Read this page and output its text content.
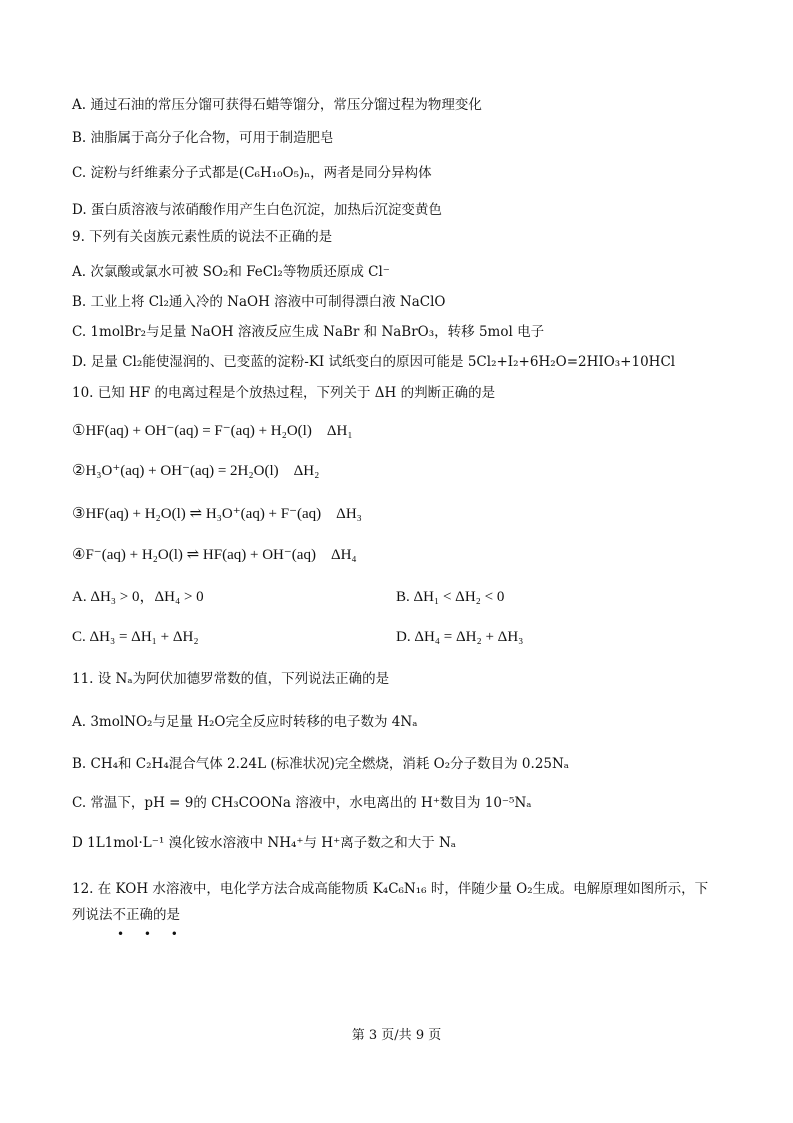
A. 通过石油的常压分馏可获得石蜡等馏分，常压分馏过程为物理变化
B. 油脂属于高分子化合物，可用于制造肥皂
C. 淀粉与纤维素分子式都是(C₆H₁₀O₅)ₙ，两者是同分异构体
D. 蛋白质溶液与浓硝酸作用产生白色沉淀，加热后沉淀变黄色
9. 下列有关卤族元素性质的说法不正确的是
A. 次氯酸或氯水可被 SO₂和 FeCl₂等物质还原成 Cl⁻
B. 工业上将 Cl₂通入冷的 NaOH 溶液中可制得漂白液 NaClO
C. 1molBr₂与足量 NaOH 溶液反应生成 NaBr 和 NaBrO₃，转移 5mol 电子
D. 足量 Cl₂能使湿润的、已变蓝的淀粉-KI 试纸变白的原因可能是 5Cl₂+I₂+6H₂O=2HIO₃+10HCl
10. 已知 HF 的电离过程是个放热过程，下列关于 ΔH 的判断正确的是
①HF(aq) + OH⁻(aq) = F⁻(aq) + H₂O(l)　ΔH₁
②H₃O⁺(aq) + OH⁻(aq) = 2H₂O(l)　ΔH₂
③HF(aq) + H₂O(l) ⇌ H₃O⁺(aq) + F⁻(aq)　ΔH₃
④F⁻(aq) + H₂O(l) ⇌ HF(aq) + OH⁻(aq)　ΔH₄
A. ΔH₃ > 0，ΔH₄ > 0	B. ΔH₁ < ΔH₂ < 0
C. ΔH₃ = ΔH₁ + ΔH₂	D. ΔH₄ = ΔH₂ + ΔH₃
11. 设 Nₐ为阿伏加德罗常数的值，下列说法正确的是
A. 3molNO₂与足量 H₂O完全反应时转移的电子数为 4Nₐ
B. CH₄和 C₂H₄混合气体 2.24L (标准状况)完全燃烧，消耗 O₂分子数目为 0.25Nₐ
C. 常温下，pH = 9的 CH₃COONa 溶液中，水电离出的 H⁺数目为 10⁻⁵Nₐ
D 1L1mol·L⁻¹ 溴化铵水溶液中 NH₄⁺与 H⁺离子数之和大于 Nₐ
12. 在 KOH 水溶液中，电化学方法合成高能物质 K₄C₆N₁₆ 时，伴随少量 O₂生成。电解原理如图所示，下
列说法不正确的是
• • •
第 3 页/共 9 页
